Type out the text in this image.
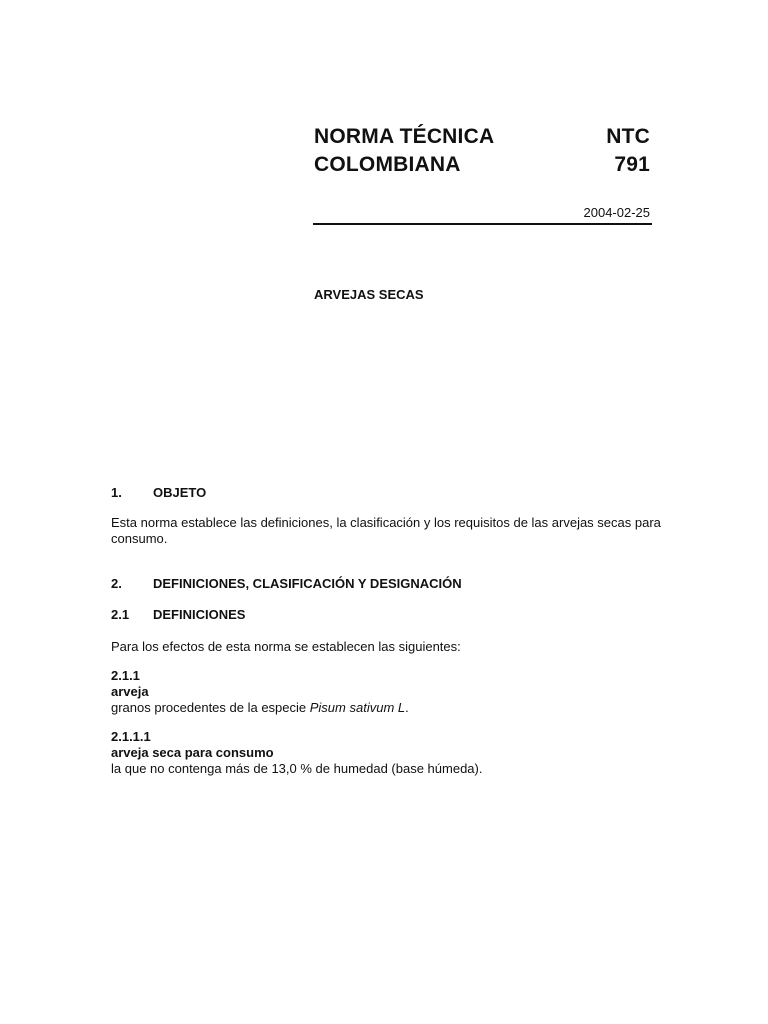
NORMA TÉCNICA
COLOMBIANA
NTC
791
2004-02-25
ARVEJAS SECAS
1. OBJETO
Esta norma establece las definiciones, la clasificación y los requisitos de las arvejas secas para
consumo.
2. DEFINICIONES, CLASIFICACIÓN Y DESIGNACIÓN
2.1 DEFINICIONES
Para los efectos de esta norma se establecen las siguientes:
2.1.1
arveja
granos procedentes de la especie Pisum sativum L.
2.1.1.1
arveja seca para consumo
la que no contenga más de 13,0 % de humedad (base húmeda).
